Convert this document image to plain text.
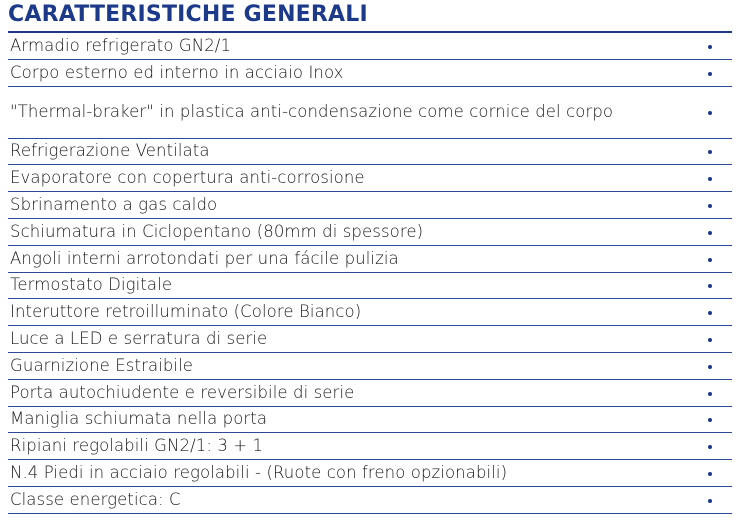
CARATTERISTICHE GENERALI
Armadio refrigerato GN2/1
Corpo esterno ed interno in acciaio Inox
"Thermal-braker" in plastica anti-condensazione come cornice del corpo
Refrigerazione Ventilata
Evaporatore con copertura anti-corrosione
Sbrinamento a gas caldo
Schiumatura in Ciclopentano (80mm di spessore)
Angoli interni arrotondati per una fácile pulizia
Termostato Digitale
Interuttore retroilluminato (Colore Bianco)
Luce a LED e serratura di serie
Guarnizione Estraibile
Porta autochiudente e reversibile di serie
Maniglia schiumata nella porta
Ripiani regolabili GN2/1: 3 + 1
N.4 Piedi in acciaio regolabili - (Ruote con freno opzionabili)
Classe energetica: C
